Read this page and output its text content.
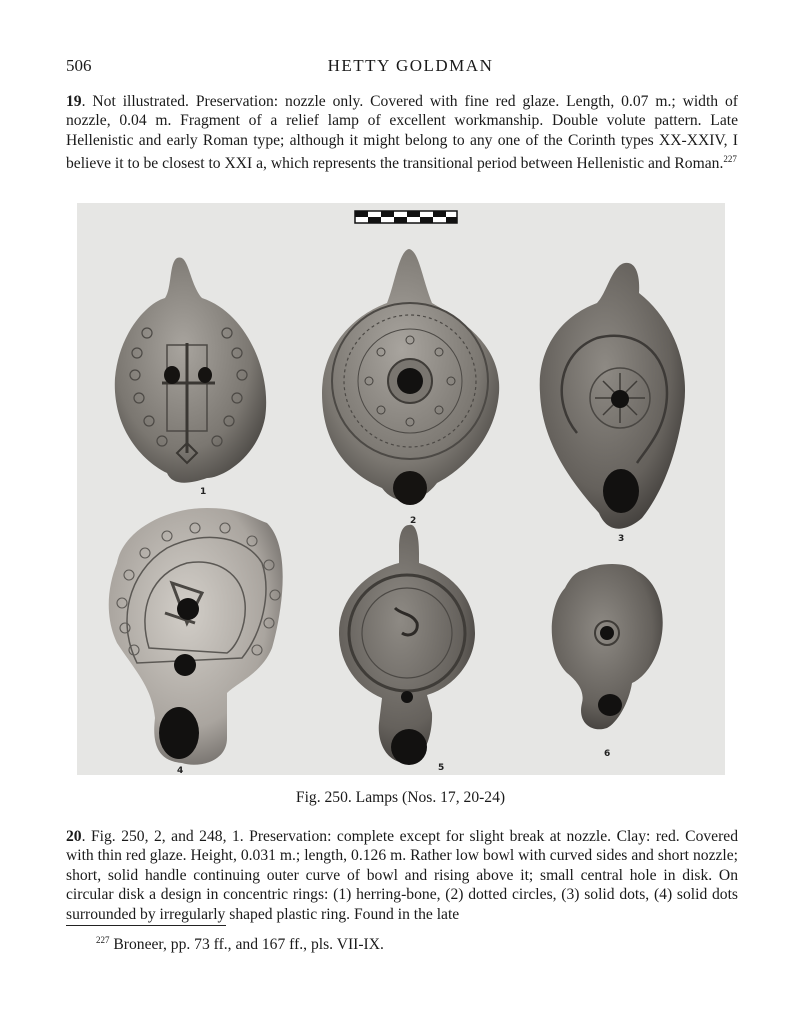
506	HETTY GOLDMAN
19. Not illustrated. Preservation: nozzle only. Covered with fine red glaze. Length, 0.07 m.; width of nozzle, 0.04 m. Fragment of a relief lamp of excellent workmanship. Double volute pattern. Late Hellenistic and early Roman type; although it might belong to any one of the Corinth types XX-XXIV, I believe it to be closest to XXI a, which represents the transitional period between Hellenistic and Roman.$^{227}$
1
2
3
4	5
6
Fig. 250. Lamps (Nos. 17, 20-24)
20. Fig. 250, 2, and 248, 1. Preservation: complete except for slight break at nozzle. Clay: red. Covered with thin red glaze. Height, 0.031 m.; length, 0.126 m. Rather low bowl with curved sides and short nozzle; short, solid handle continuing outer curve of bowl and rising above it; small central hole in disk. On circular disk a design in concentric rings: (1) herring-bone, (2) dotted circles, (3) solid dots, (4) solid dots surrounded by irregularly shaped plastic ring. Found in the late
$^{227}$ Broneer, pp. 73 ff., and 167 ff., pls. VII-IX.
